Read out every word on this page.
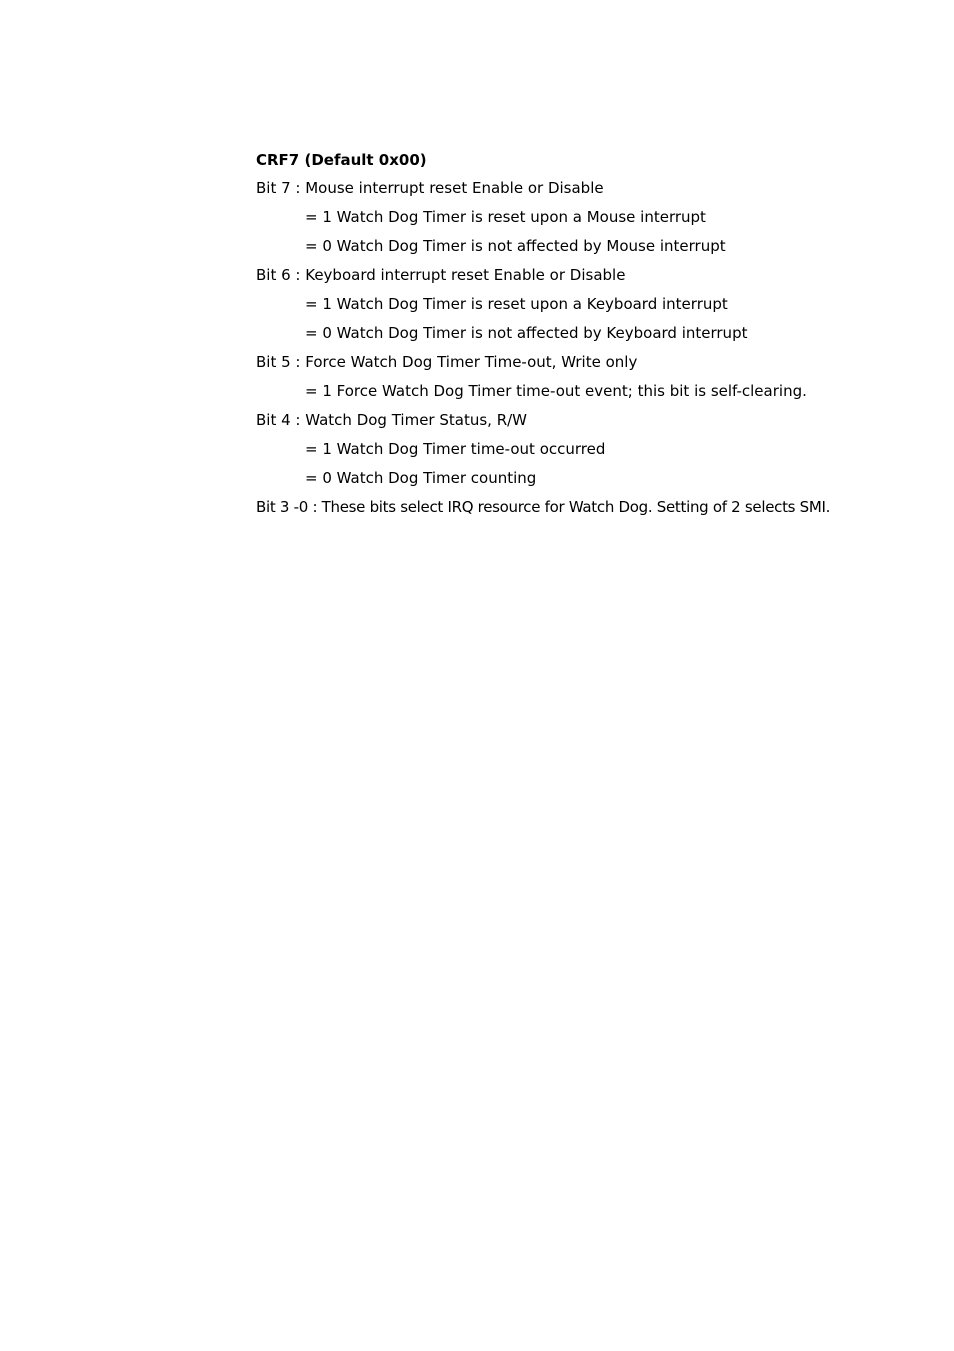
CRF7 (Default 0x00)
Bit 7 : Mouse interrupt reset Enable or Disable
= 1 Watch Dog Timer is reset upon a Mouse interrupt
= 0 Watch Dog Timer is not affected by Mouse interrupt
Bit 6 : Keyboard interrupt reset Enable or Disable
= 1 Watch Dog Timer is reset upon a Keyboard interrupt
= 0 Watch Dog Timer is not affected by Keyboard interrupt
Bit 5 : Force Watch Dog Timer Time-out, Write only
= 1 Force Watch Dog Timer time-out event; this bit is self-clearing.
Bit 4 : Watch Dog Timer Status, R/W
= 1 Watch Dog Timer time-out occurred
= 0 Watch Dog Timer counting
Bit 3 -0 : These bits select IRQ resource for Watch Dog. Setting of 2 selects SMI.
